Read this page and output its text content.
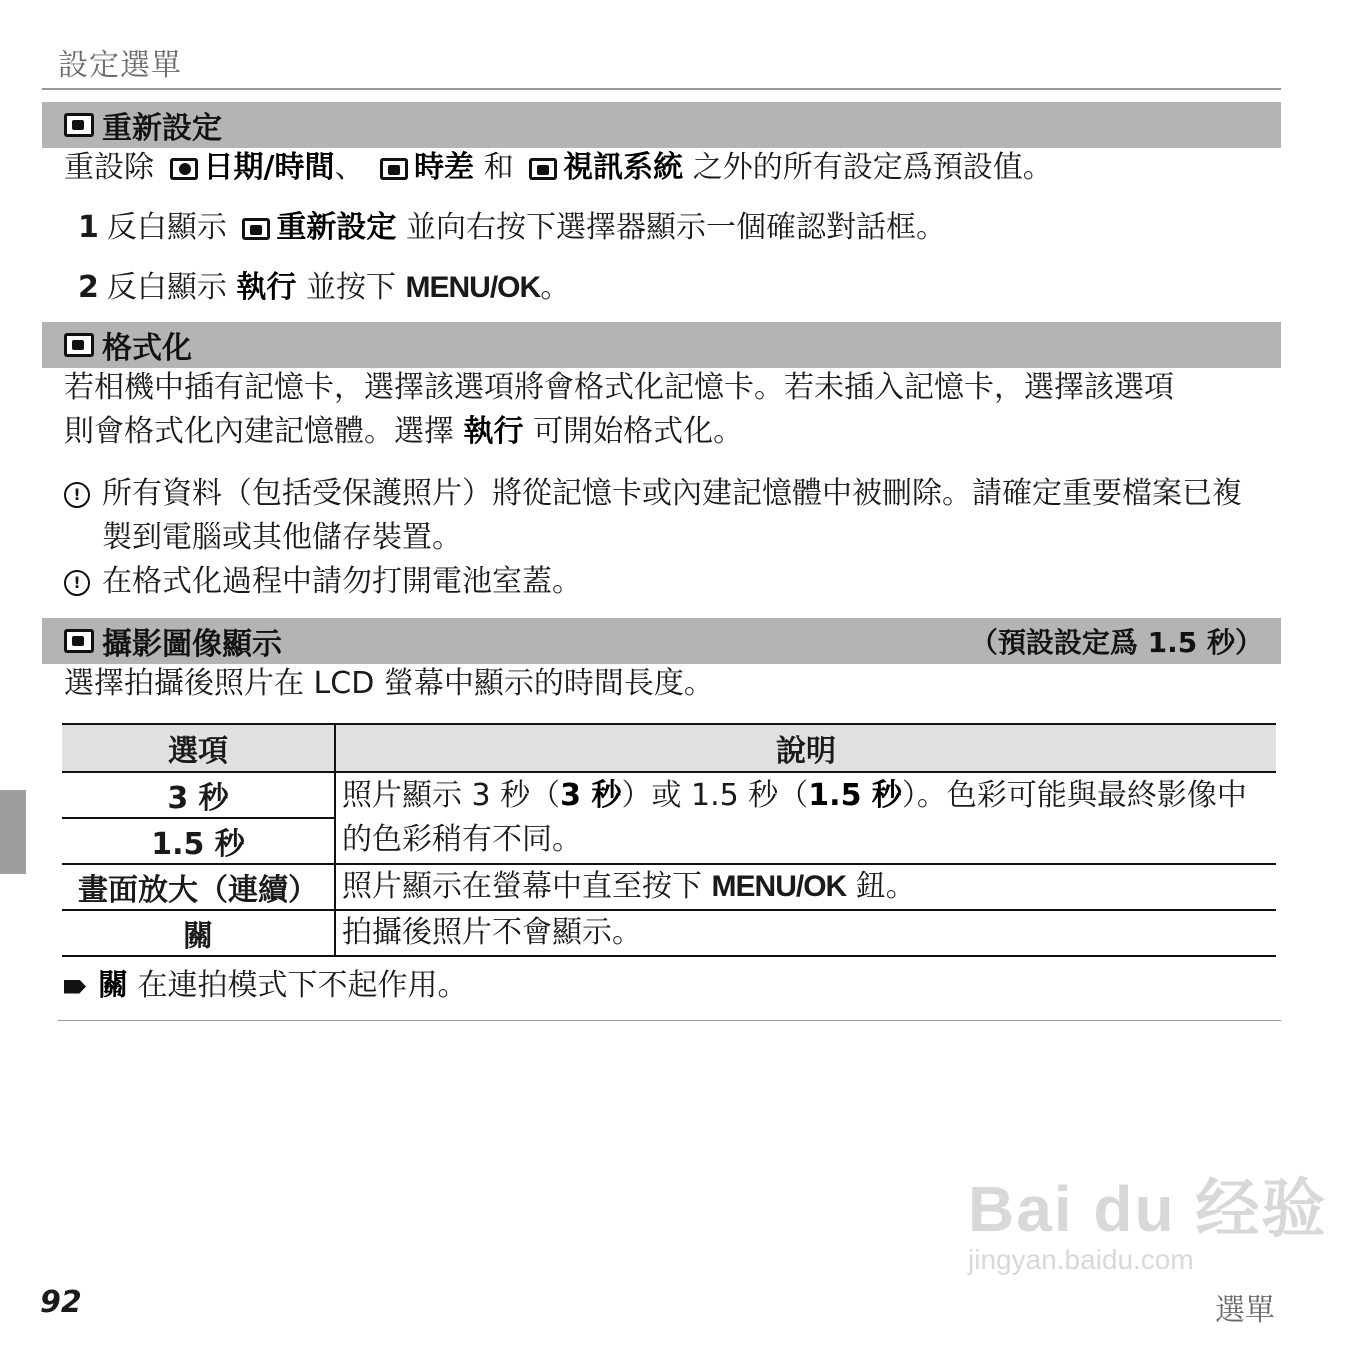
設定選單
重新設定
重設除 日期/時間、 時差 和 視訊系統 之外的所有設定爲預設值。
1 反白顯示 重新設定 並向右按下選擇器顯示一個確認對話框。
2 反白顯示 執行 並按下 MENU/OK。
格式化
若相機中插有記憶卡，選擇該選項將會格式化記憶卡。若未插入記憶卡，選擇該選項
則會格式化內建記憶體。選擇 執行 可開始格式化。
! 所有資料（包括受保護照片）將從記憶卡或內建記憶體中被刪除。請確定重要檔案已複製到電腦或其他儲存裝置。
! 在格式化過程中請勿打開電池室蓋。
攝影圖像顯示	（預設設定爲 1.5 秒）
選擇拍攝後照片在 LCD 螢幕中顯示的時間長度。
選項	說明
3 秒	照片顯示 3 秒（3 秒）或 1.5 秒（1.5 秒）。色彩可能與最終影像中的色彩稍有不同。
1.5 秒	
畫面放大（連續）	照片顯示在螢幕中直至按下 MENU/OK 鈕。
關	拍攝後照片不會顯示。
關 在連拍模式下不起作用。
Bai du 经验
jingyan.baidu.com
92	選單
